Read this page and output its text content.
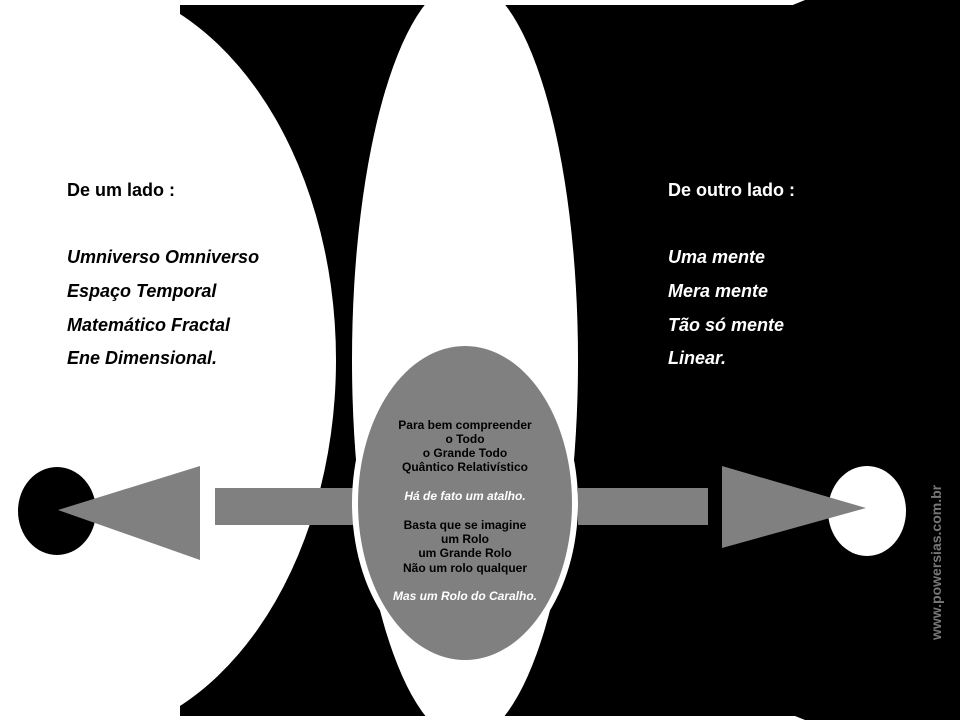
De um lado :
Umniverso Omniverso
Espaço Temporal
Matemático Fractal
Ene Dimensional.
De outro lado :
Uma mente
Mera mente
Tão só mente
Linear.
Para bem compreender
o Todo
o Grande Todo
Quântico Relativístico
Há de fato um atalho.
Basta que se imagine
um Rolo
um Grande Rolo
Não um rolo qualquer
Mas um Rolo do Caralho.
O MENTECAPTO
www.powersias.com.br
Naial
Uttega
